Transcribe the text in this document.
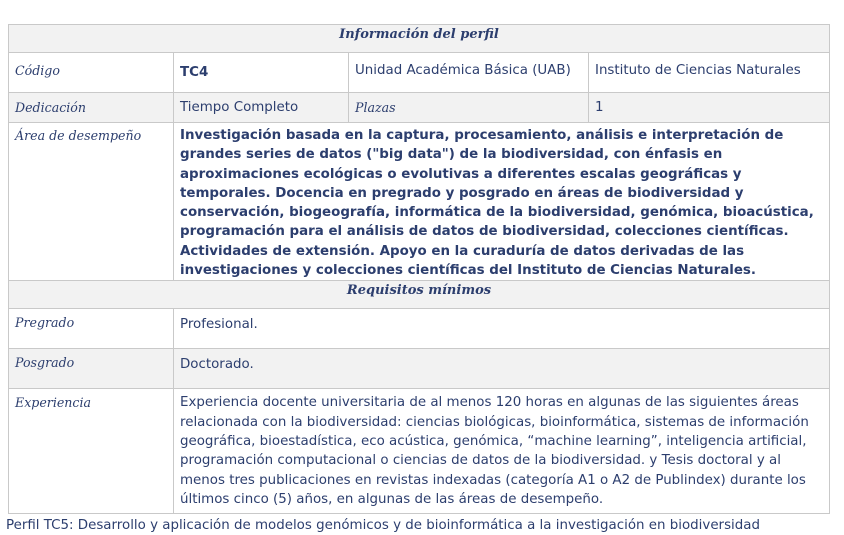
Información del perfil			
Código	TC4	Unidad Académica Básica (UAB)	Instituto de Ciencias Naturales
Dedicación	Tiempo Completo	Plazas	1
Área de desempeño	Investigación basada en la captura, procesamiento, análisis e interpretación de grandes series de datos ("big data") de la biodiversidad, con énfasis en aproximaciones ecológicas o evolutivas a diferentes escalas geográficas y temporales. Docencia en pregrado y posgrado en áreas de biodiversidad y conservación, biogeografía, informática de la biodiversidad, genómica, bioacústica, programación para el análisis de datos de biodiversidad, colecciones científicas. Actividades de extensión. Apoyo en la curaduría de datos derivadas de las investigaciones y colecciones científicas del Instituto de Ciencias Naturales.		
Requisitos mínimos			
Pregrado	Profesional.		
Posgrado	Doctorado.		
Experiencia	Experiencia docente universitaria de al menos 120 horas en algunas de las siguientes áreas relacionada con la biodiversidad: ciencias biológicas, bioinformática, sistemas de información geográfica, bioestadística, eco acústica, genómica, “machine learning”, inteligencia artificial, programación computacional o ciencias de datos de la biodiversidad. y Tesis doctoral y al menos tres publicaciones en revistas indexadas (categoría A1 o A2 de Publindex) durante los últimos cinco (5) años, en algunas de las áreas de desempeño.		
Perfil TC5: Desarrollo y aplicación de modelos genómicos y de bioinformática a la investigación en biodiversidad
